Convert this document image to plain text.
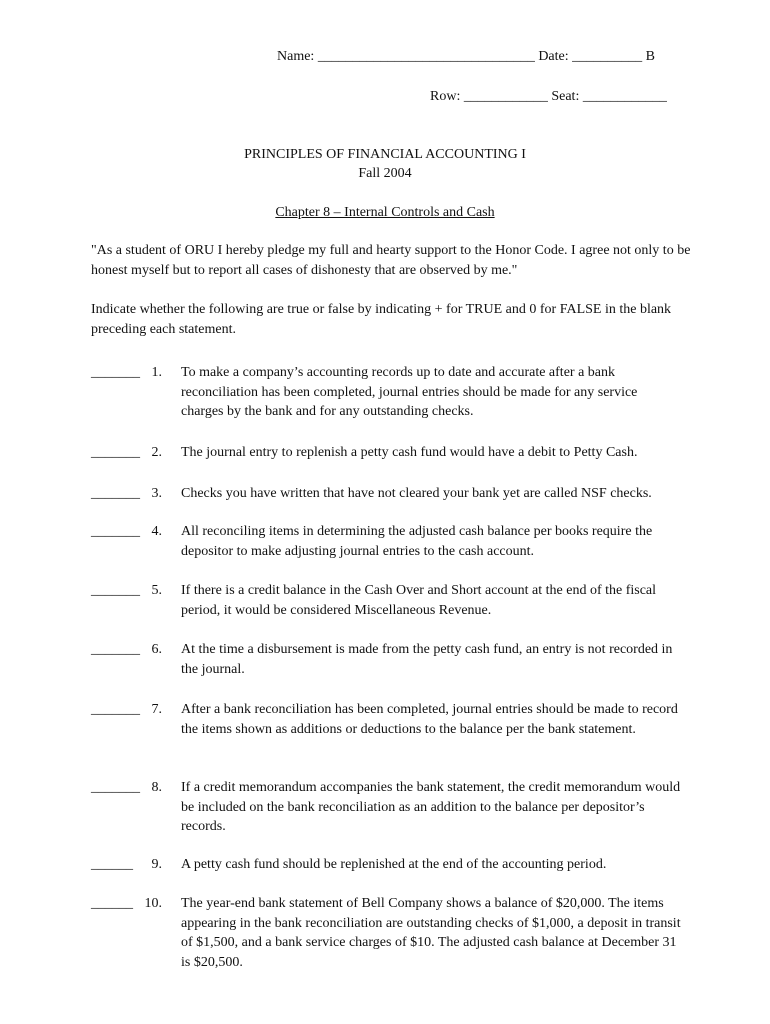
Name: _______________________________ Date: __________ B
Row: ____________ Seat: ____________
PRINCIPLES OF FINANCIAL ACCOUNTING I
Fall 2004
Chapter 8 – Internal Controls and Cash
"As a student of ORU I hereby pledge my full and hearty support to the Honor Code. I agree not only to be honest myself but to report all cases of dishonesty that are observed by me."
Indicate whether the following are true or false by indicating + for TRUE and 0 for FALSE in the blank preceding each statement.
_______ 1. To make a company’s accounting records up to date and accurate after a bank reconciliation has been completed, journal entries should be made for any service charges by the bank and for any outstanding checks.
_______ 2. The journal entry to replenish a petty cash fund would have a debit to Petty Cash.
_______ 3. Checks you have written that have not cleared your bank yet are called NSF checks.
_______ 4. All reconciling items in determining the adjusted cash balance per books require the depositor to make adjusting journal entries to the cash account.
_______ 5. If there is a credit balance in the Cash Over and Short account at the end of the fiscal period, it would be considered Miscellaneous Revenue.
_______ 6. At the time a disbursement is made from the petty cash fund, an entry is not recorded in the journal.
_______ 7. After a bank reconciliation has been completed, journal entries should be made to record the items shown as additions or deductions to the balance per the bank statement.
_______ 8. If a credit memorandum accompanies the bank statement, the credit memorandum would be included on the bank reconciliation as an addition to the balance per depositor’s records.
______	9. A petty cash fund should be replenished at the end of the accounting period.
______ 10. The year-end bank statement of Bell Company shows a balance of $20,000. The items appearing in the bank reconciliation are outstanding checks of $1,000, a deposit in transit of $1,500, and a bank service charges of $10. The adjusted cash balance at December 31 is $20,500.
